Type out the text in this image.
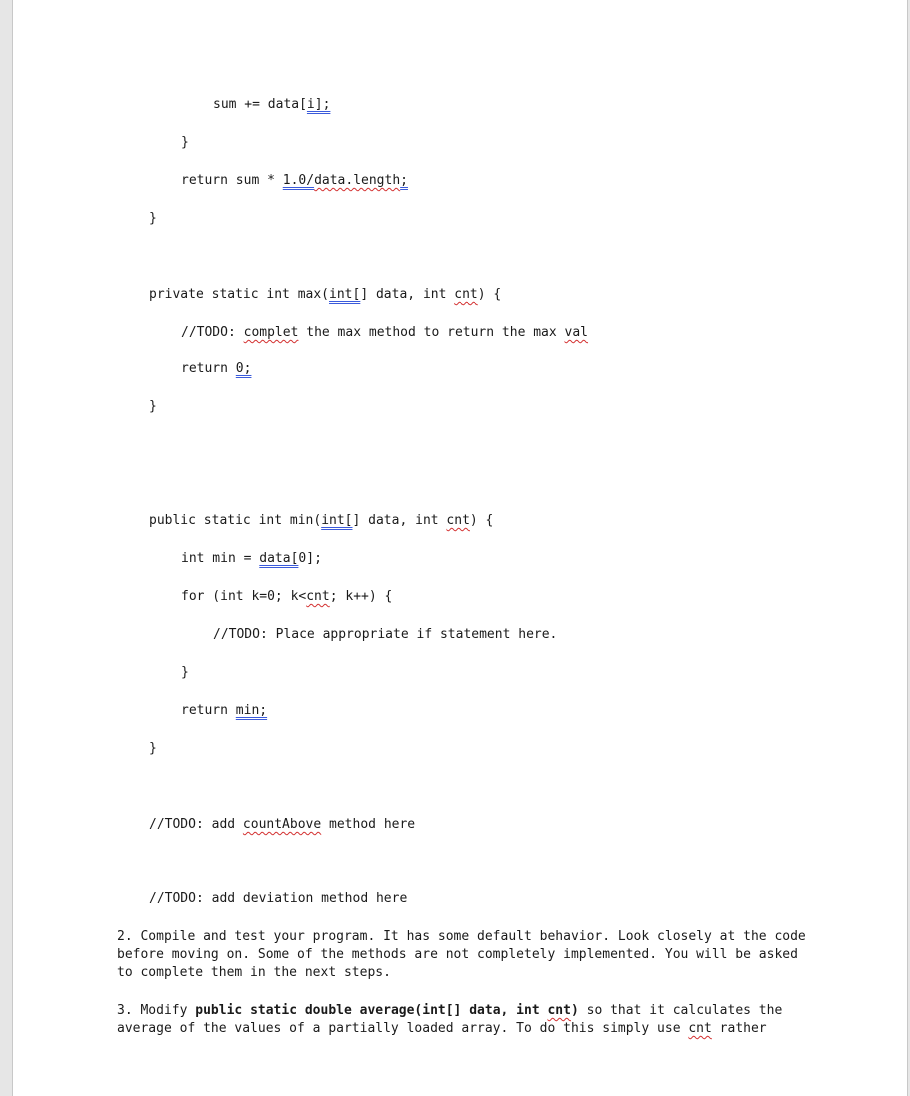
sum += data[i];
}
return sum * 1.0/data.length;
}
private static int max(int[] data, int cnt) {
//TODO: complet the max method to return the max val
return 0;
}
public static int min(int[] data, int cnt) {
int min = data[0];
for (int k=0; k<cnt; k++) {
//TODO: Place appropriate if statement here.
}
return min;
}
//TODO: add countAbove method here
//TODO: add deviation method here
2. Compile and test your program. It has some default behavior. Look closely at the code before moving on. Some of the methods are not completely implemented. You will be asked to complete them in the next steps.
3. Modify public static double average(int[] data, int cnt) so that it calculates the average of the values of a partially loaded array. To do this simply use cnt rather
